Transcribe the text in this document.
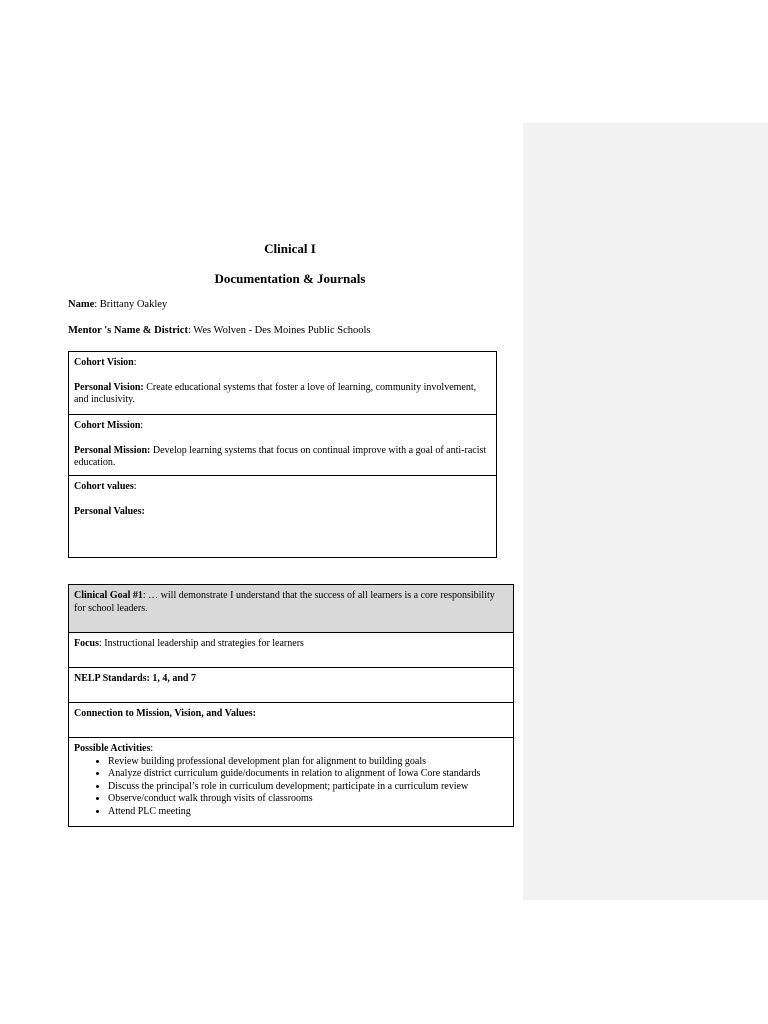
Clinical I
Documentation & Journals
Name: Brittany Oakley
Mentor 's Name & District: Wes Wolven - Des Moines Public Schools
Cohort Vision:
Personal Vision: Create educational systems that foster a love of learning, community involvement, and inclusivity.
Cohort Mission:
Personal Mission: Develop learning systems that focus on continual improve with a goal of anti-racist education.
Cohort values:
Personal Values:
Clinical Goal #1: … will demonstrate I understand that the success of all learners is a core responsibility for school leaders.
Focus: Instructional leadership and strategies for learners
NELP Standards: 1, 4, and 7
Connection to Mission, Vision, and Values:
Possible Activities:
• Review building professional development plan for alignment to building goals
• Analyze district curriculum guide/documents in relation to alignment of Iowa Core standards
• Discuss the principal’s role in curriculum development; participate in a curriculum review
• Observe/conduct walk through visits of classrooms
• Attend PLC meeting
